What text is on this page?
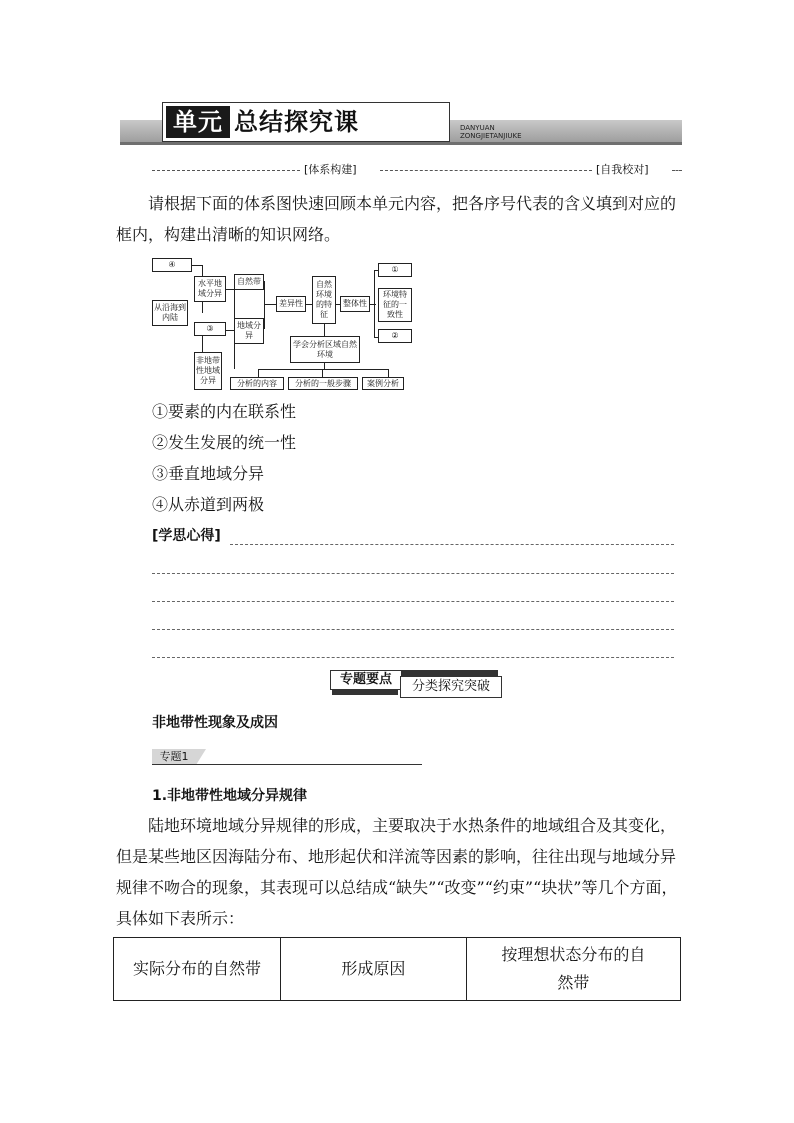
单元 总结探究课	DANYUAN
ZONGJIETANJIUKE
[体系构建]	[自我校对]
请根据下面的体系图快速回顾本单元内容，把各序号代表的含义填到对应的框内，构建出清晰的知识网络。
④
从沿海到内陆
水平地域分异
③
非地带性地域分异
自然带
地域分异
差异性
自然环境的特征
整体性
①
环境特征的一致性
②
学会分析区域自然环境
分析的内容	分析的一般步骤	案例分析
①要素的内在联系性
②发生发展的统一性
③垂直地域分异
④从赤道到两极
[学思心得]
专题要点	分类探究突破
非地带性现象及成因
专题1
1.非地带性地域分异规律
陆地环境地域分异规律的形成，主要取决于水热条件的地域组合及其变化，但是某些地区因海陆分布、地形起伏和洋流等因素的影响，往往出现与地域分异规律不吻合的现象，其表现可以总结成“缺失”“改变”“约束”“块状”等几个方面，具体如下表所示：
实际分布的自然带	形成原因	按理想状态分布的自然带
